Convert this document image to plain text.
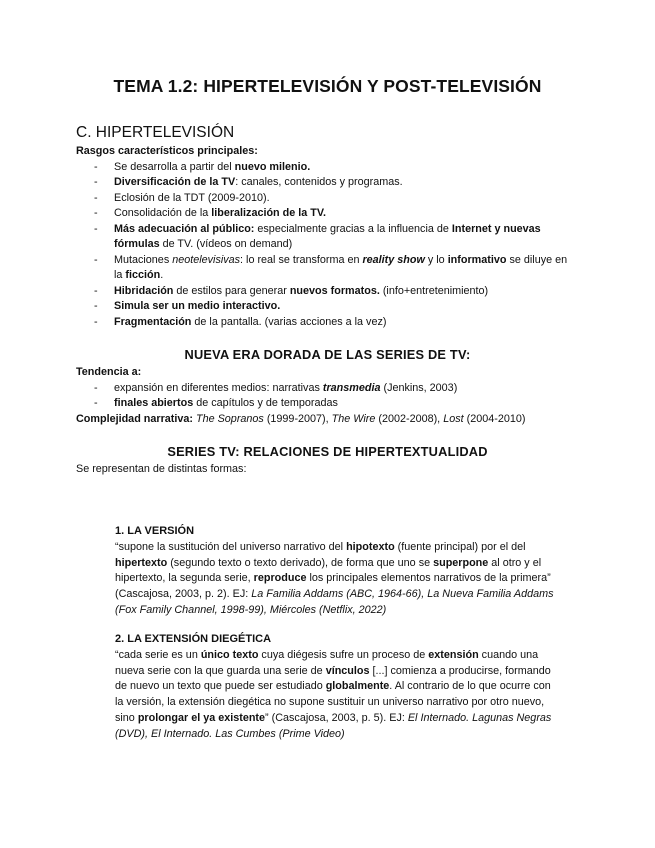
TEMA 1.2: HIPERTELEVISIÓN Y POST-TELEVISIÓN
C. HIPERTELEVISIÓN
Rasgos característicos principales:
- Se desarrolla a partir del nuevo milenio.
- Diversificación de la TV: canales, contenidos y programas.
- Eclosión de la TDT (2009-2010).
- Consolidación de la liberalización de la TV.
- Más adecuación al público: especialmente gracias a la influencia de Internet y nuevas fórmulas de TV. (vídeos on demand)
- Mutaciones neotelevisivas: lo real se transforma en reality show y lo informativo se diluye en la ficción.
- Hibridación de estilos para generar nuevos formatos. (info+entretenimiento)
- Simula ser un medio interactivo.
- Fragmentación de la pantalla. (varias acciones a la vez)
NUEVA ERA DORADA DE LAS SERIES DE TV:
Tendencia a:
- expansión en diferentes medios: narrativas transmedia (Jenkins, 2003)
- finales abiertos de capítulos y de temporadas
Complejidad narrativa: The Sopranos (1999-2007), The Wire (2002-2008), Lost (2004-2010)
SERIES TV: RELACIONES DE HIPERTEXTUALIDAD
Se representan de distintas formas:
1. LA VERSIÓN
“supone la sustitución del universo narrativo del hipotexto (fuente principal) por el del hipertexto (segundo texto o texto derivado), de forma que uno se superpone al otro y el hipertexto, la segunda serie, reproduce los principales elementos narrativos de la primera” (Cascajosa, 2003, p. 2). EJ: La Familia Addams (ABC, 1964-66), La Nueva Familia Addams (Fox Family Channel, 1998-99), Miércoles (Netflix, 2022)
2. LA EXTENSIÓN DIEGÉTICA
“cada serie es un único texto cuya diégesis sufre un proceso de extensión cuando una nueva serie con la que guarda una serie de vínculos [...] comienza a producirse, formando de nuevo un texto que puede ser estudiado globalmente. Al contrario de lo que ocurre con la versión, la extensión diegética no supone sustituir un universo narrativo por otro nuevo, sino prolongar el ya existente” (Cascajosa, 2003, p. 5). EJ: El Internado. Lagunas Negras (DVD), El Internado. Las Cumbes (Prime Video)
